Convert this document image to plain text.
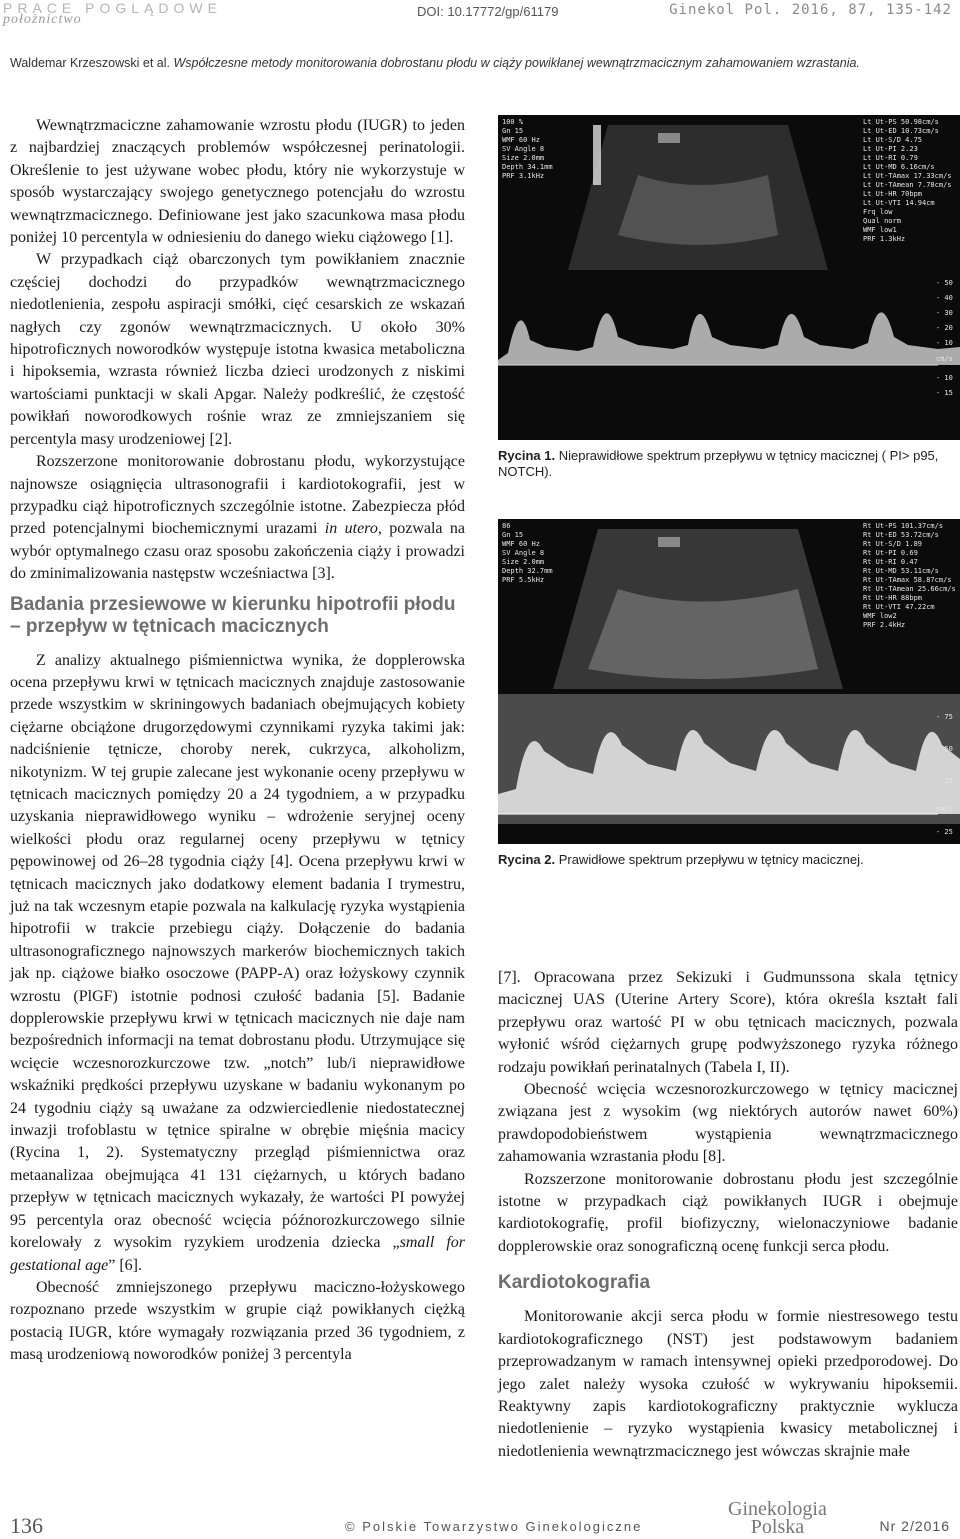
PRACE POGLĄDOWE
położnictwo
DOI: 10.17772/gp/61179	Ginekol Pol. 2016, 87, 135-142
Waldemar Krzeszowski et al. Współczesne metody monitorowania dobrostanu płodu w ciąży powikłanej wewnątrzmacicznym zahamowaniem wzrastania.

Wewnątrzmaciczne zahamowanie wzrostu płodu (IUGR) to jeden z najbardziej znaczących problemów współczesnej perinatologii. Określenie to jest używane wobec płodu, który nie wykorzystuje w sposób wystarczający swojego genetycznego potencjału do wzrostu wewnątrzmacicznego. Definiowane jest jako szacunkowa masa płodu poniżej 10 percentyla w odniesieniu do danego wieku ciążowego [1].

W przypadkach ciąż obarczonych tym powikłaniem znacznie częściej dochodzi do przypadków wewnątrzmacicznego niedotlenienia, zespołu aspiracji smółki, cięć cesarskich ze wskazań nagłych czy zgonów wewnątrzmacicznych. U około 30% hipotroficznych noworodków występuje istotna kwasica metaboliczna i hipoksemia, wzrasta również liczba dzieci urodzonych z niskimi wartościami punktacji w skali Apgar. Należy podkreślić, że częstość powikłań noworodkowych rośnie wraz ze zmniejszaniem się percentyla masy urodzeniowej [2].

Rozszerzone monitorowanie dobrostanu płodu, wykorzystujące najnowsze osiągnięcia ultrasonografii i kardiotokografii, jest w przypadku ciąż hipotroficznych szczególnie istotne. Zabezpiecza płód przed potencjalnymi biochemicznymi urazami in utero, pozwala na wybór optymalnego czasu oraz sposobu zakończenia ciąży i prowadzi do zminimalizowania następstw wcześniactwa [3].

Badania przesiewowe w kierunku hipotrofii płodu – przepływ w tętnicach macicznych

Z analizy aktualnego piśmiennictwa wynika, że dopplerowska ocena przepływu krwi w tętnicach macicznych znajduje zastosowanie przede wszystkim w skriningowych badaniach obejmujących kobiety ciężarne obciążone drugorzędowymi czynnikami ryzyka takimi jak: nadciśnienie tętnicze, choroby nerek, cukrzyca, alkoholizm, nikotynizm. W tej grupie zalecane jest wykonanie oceny przepływu w tętnicach macicznych pomiędzy 20 a 24 tygodniem, a w przypadku uzyskania nieprawidłowego wyniku – wdrożenie seryjnej oceny wielkości płodu oraz regularnej oceny przepływu w tętnicy pępowinowej od 26–28 tygodnia ciąży [4]. Ocena przepływu krwi w tętnicach macicznych jako dodatkowy element badania I trymestru, już na tak wczesnym etapie pozwala na kalkulację ryzyka wystąpienia hipotrofii w trakcie przebiegu ciąży. Dołączenie do badania ultrasonograficznego najnowszych markerów biochemicznych takich jak np. ciążowe białko osoczowe (PAPP-A) oraz łożyskowy czynnik wzrostu (PlGF) istotnie podnosi czułość badania [5]. Badanie dopplerowskie przepływu krwi w tętnicach macicznych nie daje nam bezpośrednich informacji na temat dobrostanu płodu. Utrzymujące się wcięcie wczesnorozkurczowe tzw. „notch” lub/i nieprawidłowe wskaźniki prędkości przepływu uzyskane w badaniu wykonanym po 24 tygodniu ciąży są uważane za odzwierciedlenie niedostatecznej inwazji trofoblastu w tętnice spiralne w obrębie mięśnia macicy (Rycina 1, 2). Systematyczny przegląd piśmiennictwa oraz metaanalizaa obejmująca 41 131 ciężarnych, u których badano przepływ w tętnicach macicznych wykazały, że wartości PI powyżej 95 percentyla oraz obecność wcięcia późnorozkurczowego silnie korelowały z wysokim ryzykiem urodzenia dziecka „small for gestational age” [6].

Obecność zmniejszonego przepływu maciczno-łożyskowego rozpoznano przede wszystkim w grupie ciąż powikłanych ciężką postacią IUGR, które wymagały rozwiązania przed 36 tygodniem, z masą urodzeniową noworodków poniżej 3 percentyla

100 %
Gn 15
WMF 60 Hz
SV Angle 8
Size 2.0mm
Depth 34.1mm
PRF 3.1kHz
Lt Ut-PS 50.98cm/s
Lt Ut-ED 10.73cm/s
Lt Ut-S/D 4.75
Lt Ut-PI 2.23
Lt Ut-RI 0.79
Lt Ut-MD 6.16cm/s
Lt Ut-TAmax 17.33cm/s
Lt Ut-TAmean 7.78cm/s
Lt Ut-HR 70bpm
Lt Ut-VTI 14.94cm
Frq low
Qual norm
WMF low1
PRF 1.3kHz
- 50
- 40
- 30
- 20
- 10
cm/s
- 10
- 15
Rycina 1. Nieprawidłowe spektrum przepływu w tętnicy macicznej ( PI> p95, NOTCH).
86
Gn 15
WMF 60 Hz
SV Angle 8
Size 2.0mm
Depth 32.7mm
PRF 5.5kHz
Rt Ut-PS 101.37cm/s
Rt Ut-ED 53.72cm/s
Rt Ut-S/D 1.89
Rt Ut-PI 0.69
Rt Ut-RI 0.47
Rt Ut-MD 53.11cm/s
Rt Ut-TAmax 58.87cm/s
Rt Ut-TAmean 25.66cm/s
Rt Ut-HR 88bpm
Rt Ut-VTI 47.22cm
WMF low2
PRF 2.4kHz
- 75
- 50
- 25
cm/s
- 25
Rycina 2. Prawidłowe spektrum przepływu w tętnicy macicznej.

[7]. Opracowana przez Sekizuki i Gudmunssona skala tętnicy macicznej UAS (Uterine Artery Score), która określa kształt fali przepływu oraz wartość PI w obu tętnicach macicznych, pozwala wyłonić wśród ciężarnych grupę podwyższonego ryzyka różnego rodzaju powikłań perinatalnych (Tabela I, II).

Obecność wcięcia wczesnorozkurczowego w tętnicy macicznej związana jest z wysokim (wg niektórych autorów nawet 60%) prawdopodobieństwem wystąpienia wewnątrzmacicznego zahamowania wzrastania płodu [8].

Rozszerzone monitorowanie dobrostanu płodu jest szczególnie istotne w przypadkach ciąż powikłanych IUGR i obejmuje kardiotokografię, profil biofizyczny, wielonaczyniowe badanie dopplerowskie oraz sonograficzną ocenę funkcji serca płodu.

Kardiotokografia

Monitorowanie akcji serca płodu w formie niestresowego testu kardiotokograficznego (NST) jest podstawowym badaniem przeprowadzanym w ramach intensywnej opieki przedporodowej. Do jego zalet należy wysoka czułość w wykrywaniu hipoksemii. Reaktywny zapis kardiotokograficzny praktycznie wyklucza niedotlenienie – ryzyko wystąpienia kwasicy metabolicznej i niedotlenienia wewnątrzmacicznego jest wówczas skrajnie małe

136	© Polskie Towarzystwo Ginekologiczne
Ginekologia
Polska	Nr 2/2016
